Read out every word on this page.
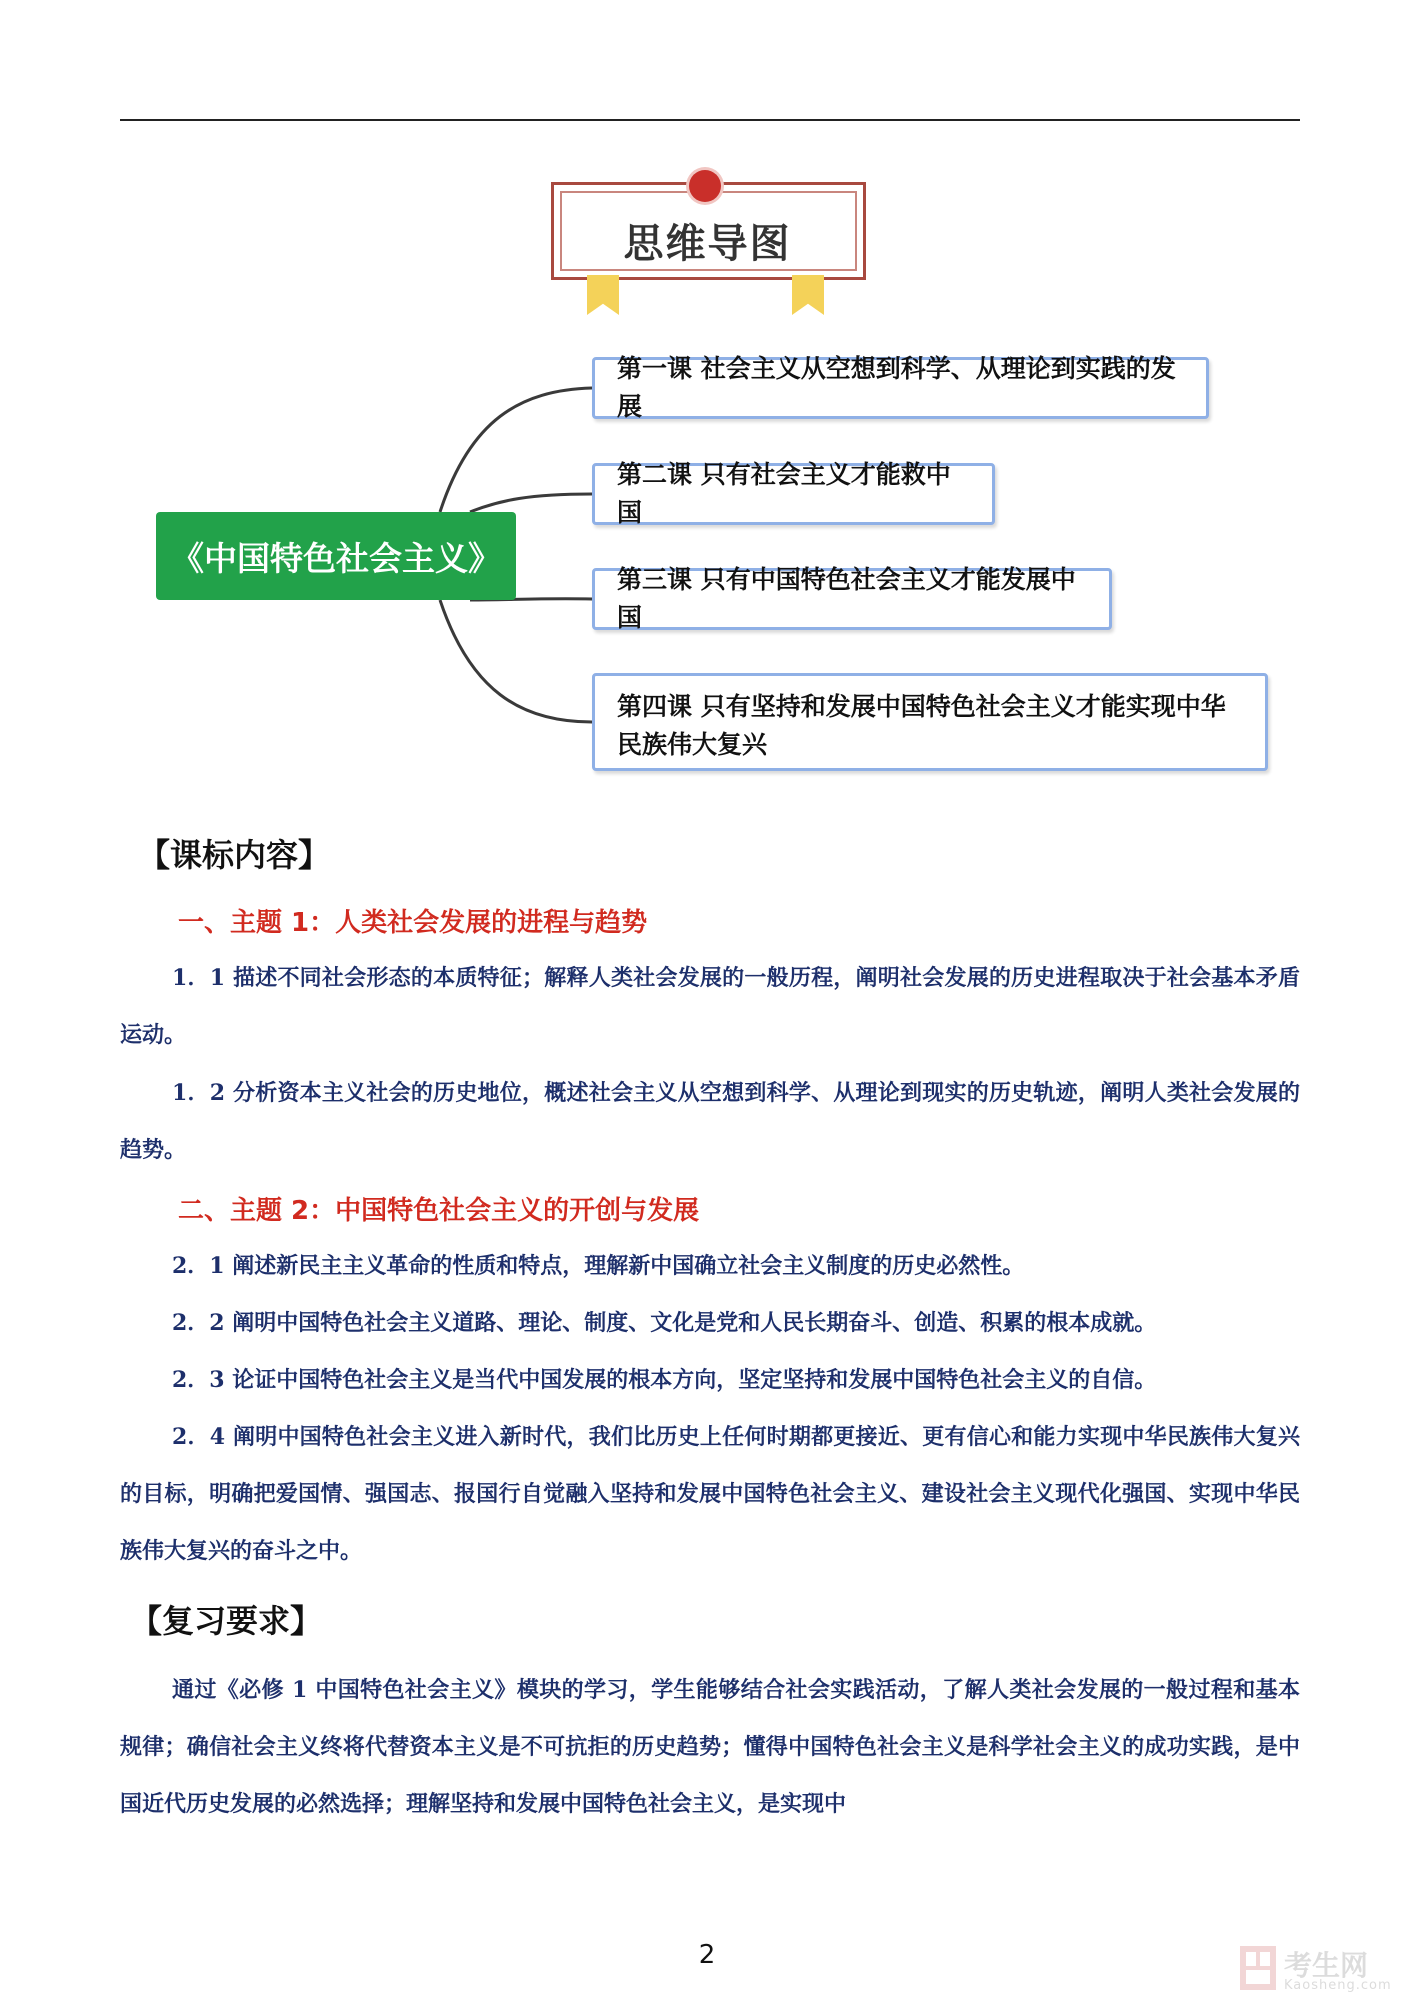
思维导图
《中国特色社会主义》
第一课 社会主义从空想到科学、从理论到实践的发展
第二课 只有社会主义才能救中国
第三课 只有中国特色社会主义才能发展中国
第四课 只有坚持和发展中国特色社会主义才能实现中华民族伟大复兴
【课标内容】
一、主题 1：人类社会发展的进程与趋势
1．1 描述不同社会形态的本质特征；解释人类社会发展的一般历程，阐明社会发展的历史进程取决于社会基本矛盾运动。
1．2 分析资本主义社会的历史地位，概述社会主义从空想到科学、从理论到现实的历史轨迹，阐明人类社会发展的趋势。
二、主题 2：中国特色社会主义的开创与发展
2．1 阐述新民主主义革命的性质和特点，理解新中国确立社会主义制度的历史必然性。
2．2 阐明中国特色社会主义道路、理论、制度、文化是党和人民长期奋斗、创造、积累的根本成就。
2．3 论证中国特色社会主义是当代中国发展的根本方向，坚定坚持和发展中国特色社会主义的自信。
2．4 阐明中国特色社会主义进入新时代，我们比历史上任何时期都更接近、更有信心和能力实现中华民族伟大复兴的目标，明确把爱国情、强国志、报国行自觉融入坚持和发展中国特色社会主义、建设社会主义现代化强国、实现中华民族伟大复兴的奋斗之中。
【复习要求】
通过《必修 1 中国特色社会主义》模块的学习，学生能够结合社会实践活动，了解人类社会发展的一般过程和基本规律；确信社会主义终将代替资本主义是不可抗拒的历史趋势；懂得中国特色社会主义是科学社会主义的成功实践，是中国近代历史发展的必然选择；理解坚持和发展中国特色社会主义，是实现中
2	考生网
Kaosheng.com
